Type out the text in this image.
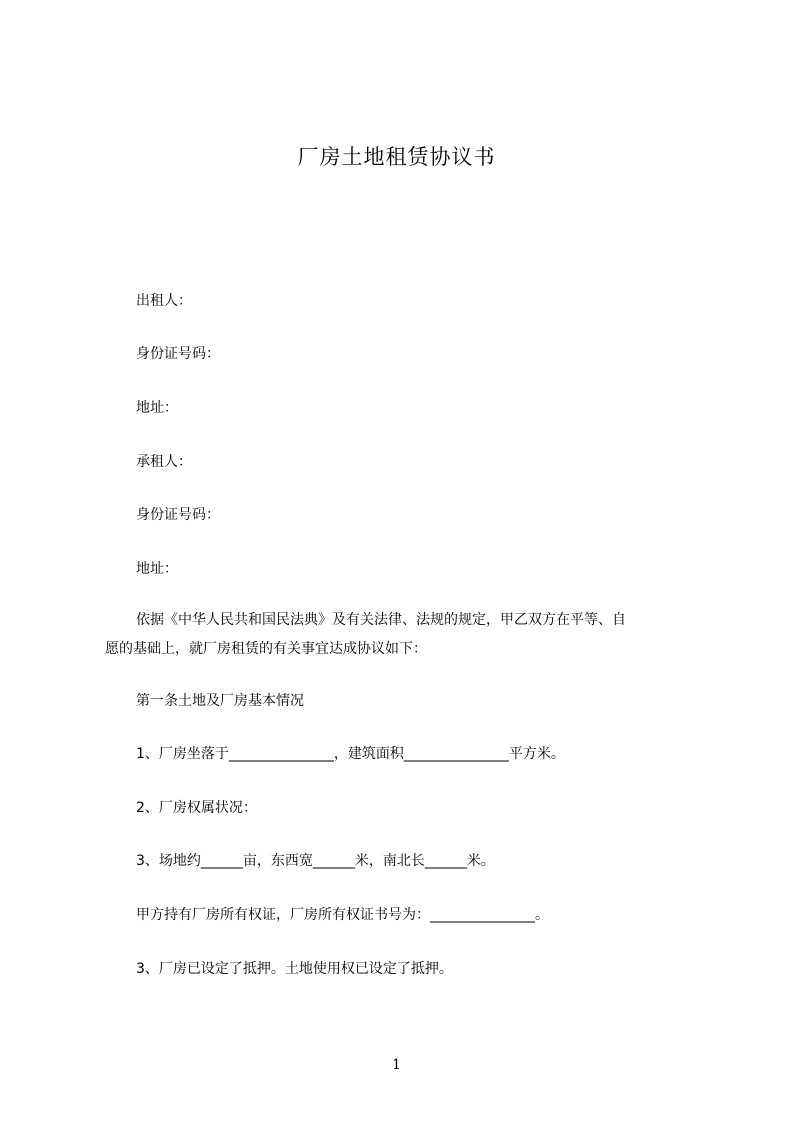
厂房土地租赁协议书
出租人：
身份证号码：
地址：
承租人：
身份证号码：
地址：
依据《中华人民共和国民法典》及有关法律、法规的规定，甲乙双方在平等、自
愿的基础上，就厂房租赁的有关事宜达成协议如下：
第一条土地及厂房基本情况
1、厂房坐落于_______________，建筑面积_______________平方米。
2、厂房权属状况：
3、场地约______亩，东西宽______米，南北长______米。
甲方持有厂房所有权证，厂房所有权证书号为：_______________。
3、厂房已设定了抵押。土地使用权已设定了抵押。
1
